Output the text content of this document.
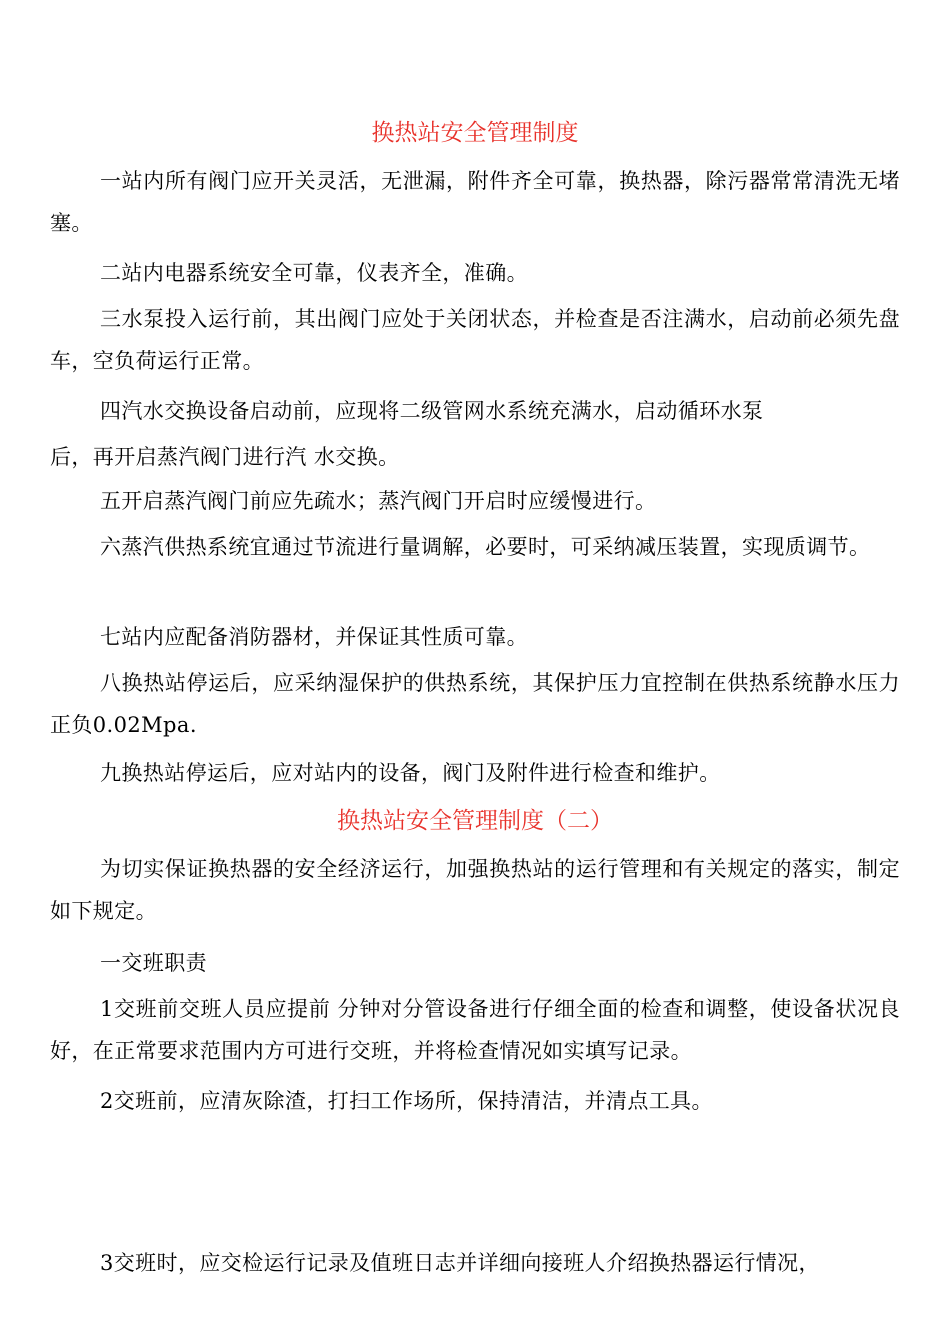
换热站安全管理制度
一站内所有阀门应开关灵活，无泄漏，附件齐全可靠，换热器，除污器常常清洗无堵塞。
二站内电器系统安全可靠，仪表齐全，准确。
三水泵投入运行前，其出阀门应处于关闭状态，并检查是否注满水，启动前必须先盘车，空负荷运行正常。
四汽水交换设备启动前，应现将二级管网水系统充满水，启动循环水泵
后，再开启蒸汽阀门进行汽 水交换。
五开启蒸汽阀门前应先疏水；蒸汽阀门开启时应缓慢进行。
六蒸汽供热系统宜通过节流进行量调解，必要时，可采纳减压装置，实现质调节。
七站内应配备消防器材，并保证其性质可靠。
八换热站停运后，应采纳湿保护的供热系统，其保护压力宜控制在供热系统静水压力正负0.02Mpa.
九换热站停运后，应对站内的设备，阀门及附件进行检查和维护。
换热站安全管理制度（二）
为切实保证换热器的安全经济运行，加强换热站的运行管理和有关规定的落实，制定如下规定。
一交班职责
1交班前交班人员应提前 分钟对分管设备进行仔细全面的检查和调整，使设备状况良好，在正常要求范围内方可进行交班，并将检查情况如实填写记录。
2交班前，应清灰除渣，打扫工作场所，保持清洁，并清点工具。
3交班时，应交检运行记录及值班日志并详细向接班人介绍换热器运行情况，
